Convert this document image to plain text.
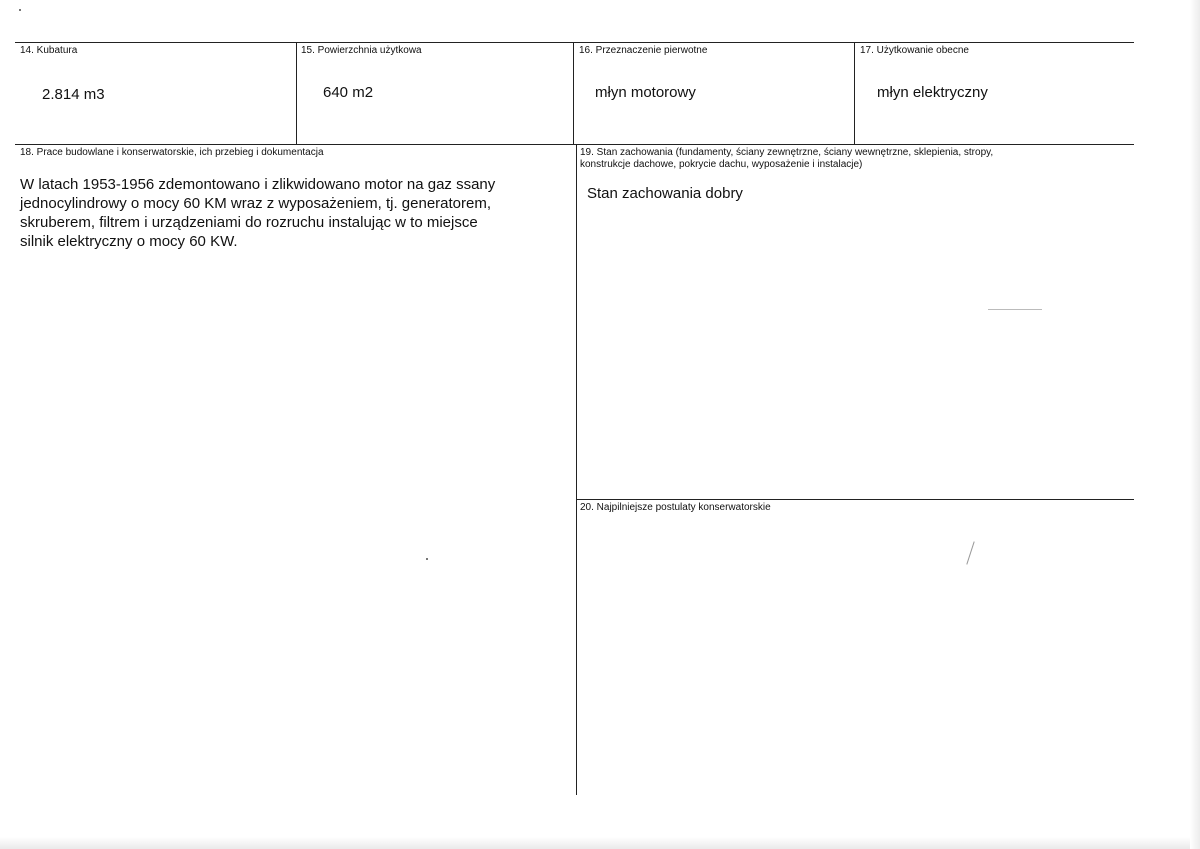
14. Kubatura
2.814 m3
15. Powierzchnia użytkowa
640 m2
16. Przeznaczenie pierwotne
młyn motorowy
17. Użytkowanie obecne
młyn elektryczny
18. Prace budowlane i konserwatorskie, ich przebieg i dokumentacja
W latach 1953-1956 zdemontowano i zlikwidowano motor na gaz ssany
jednocylindrowy o mocy 60 KM wraz z wyposażeniem, tj. generatorem,
skruberem, filtrem i urządzeniami do rozruchu instalując w to miejsce
silnik elektryczny o mocy 60 KW.
19. Stan zachowania (fundamenty, ściany zewnętrzne, ściany wewnętrzne, sklepienia, stropy,
konstrukcje dachowe, pokrycie dachu, wyposażenie i instalacje)
Stan zachowania dobry
20. Najpilniejsze postulaty konserwatorskie
